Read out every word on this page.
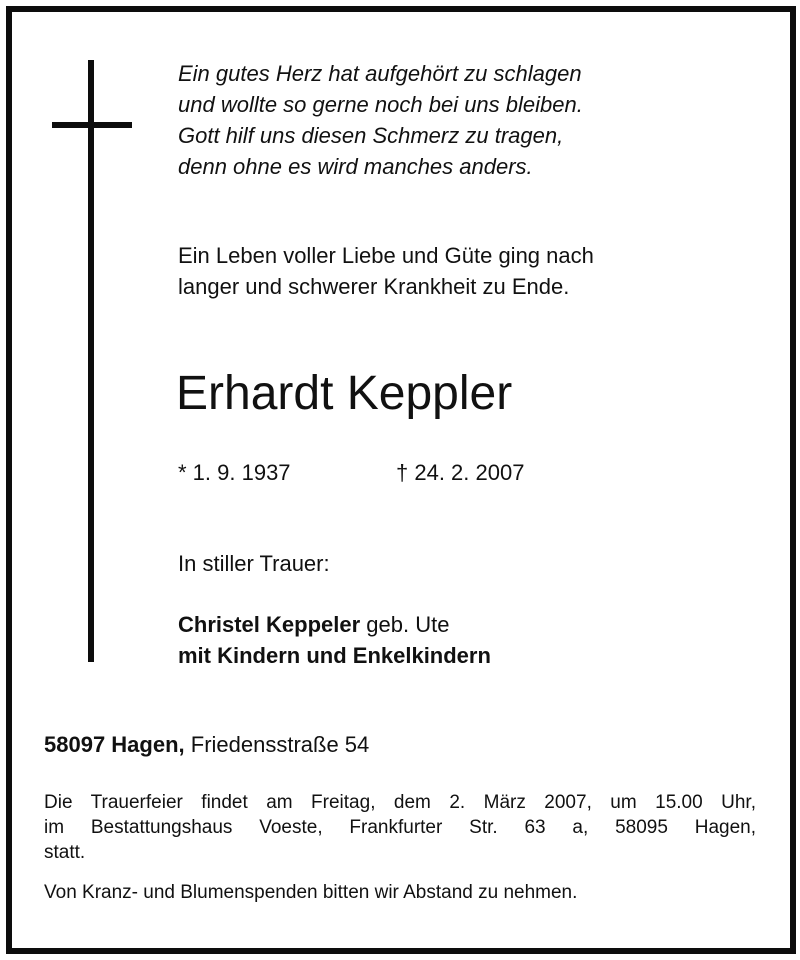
Ein gutes Herz hat aufgehört zu schlagen
und wollte so gerne noch bei uns bleiben.
Gott hilf uns diesen Schmerz zu tragen,
denn ohne es wird manches anders.
Ein Leben voller Liebe und Güte ging nach
langer und schwerer Krankheit zu Ende.
Erhardt Keppler
* 1. 9. 1937	† 24. 2. 2007
In stiller Trauer:
Christel Keppeler geb. Ute
mit Kindern und Enkelkindern
58097 Hagen, Friedensstraße 54
Die Trauerfeier findet am Freitag, dem 2. März 2007, um 15.00 Uhr,
im Bestattungshaus Voeste, Frankfurter Str. 63 a, 58095 Hagen,
statt.
Von Kranz- und Blumenspenden bitten wir Abstand zu nehmen.
